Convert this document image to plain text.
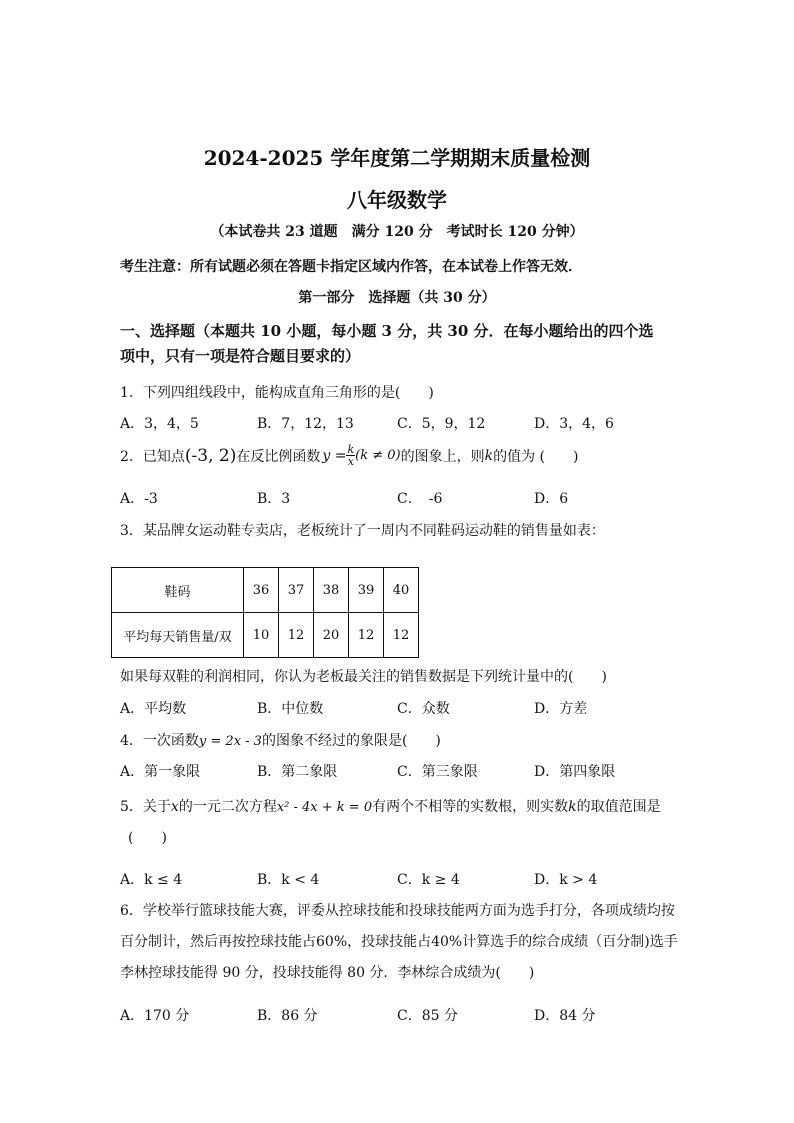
2024-2025 学年度第二学期期末质量检测
八年级数学
（本试卷共 23 道题　满分 120 分　考试时长 120 分钟）
考生注意：所有试题必须在答题卡指定区域内作答，在本试卷上作答无效．
第一部分　选择题（共 30 分）
一、选择题（本题共 10 小题，每小题 3 分，共 30 分．在每小题给出的四个选
项中，只有一项是符合题目要求的）
1．下列四组线段中，能构成直角三角形的是(　　)
A．3，4，5	B．7，12，13	C．5，9，12	D．3，4，6
2．已知点 (-3, 2) 在反比例函数 $y = \frac{k}{x} (k \ne 0)$ 的图象上，则 k 的值为 (　　)
A．-3	B．3	C．　-6	D．6
3．某品牌女运动鞋专卖店，老板统计了一周内不同鞋码运动鞋的销售量如表：
鞋码	36	37	38	39	40
平均每天销售量/双	10	12	20	12	12
如果每双鞋的利润相同，你认为老板最关注的销售数据是下列统计量中的(　　)
A．平均数	B．中位数	C．众数	D．方差
4．一次函数y = 2x - 3的图象不经过的象限是(　　)
A．第一象限	B．第二象限	C．第三象限	D．第四象限
5．关于x的一元二次方程x² - 4x + k = 0有两个不相等的实数根，则实数k的取值范围是
(　　)
A．k ≤ 4	B．k < 4	C．k ≥ 4	D．k > 4
6．学校举行篮球技能大赛，评委从控球技能和投球技能两方面为选手打分，各项成绩均按
百分制计，然后再按控球技能占60%，投球技能占40%计算选手的综合成绩（百分制)选手
李林控球技能得 90 分，投球技能得 80 分．李林综合成绩为(　　)
A．170 分	B．86 分	C．85 分	D．84 分
